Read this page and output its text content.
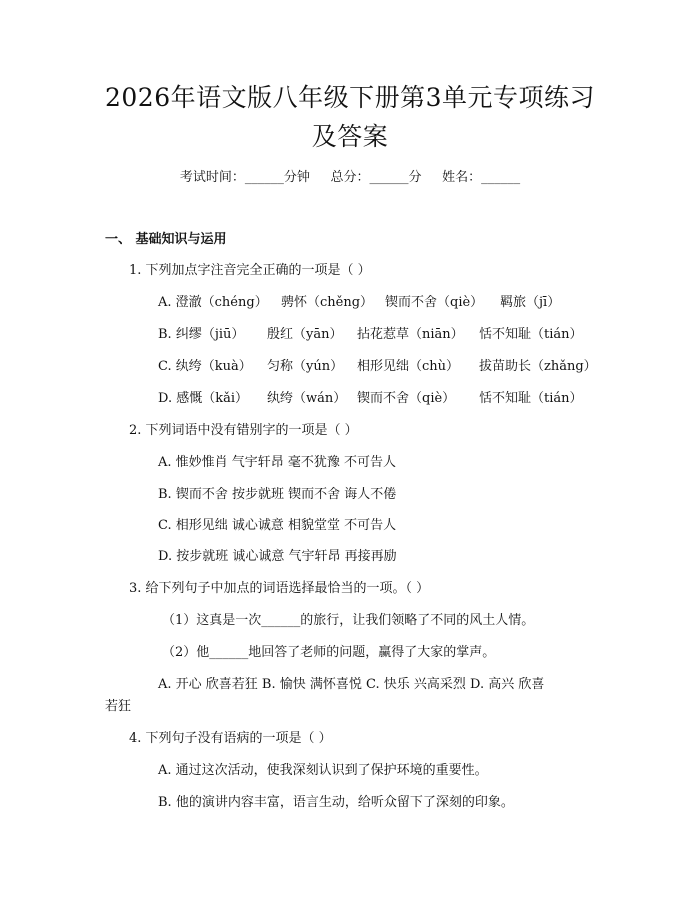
2026年语文版八年级下册第3单元专项练习
及答案
考试时间：______分钟     总分：______分     姓名：______
一、 基础知识与运用
1. 下列加点字注音完全正确的一项是（ ）
A. 澄澈（chéng） 骋怀（chěng） 锲而不舍（qiè） 羁旅（jī）
B. 纠缪（jiū） 殷红（yān） 拈花惹草（niān） 恬不知耻（tián）
C. 纨绔（kuà） 匀称（yún） 相形见绌（chù） 拔苗助长（zhǎng）
D. 感慨（kǎi） 纨绔（wán） 锲而不舍（qiè） 恬不知耻（tián）
2. 下列词语中没有错别字的一项是（ ）
A. 惟妙惟肖 气宇轩昂 毫不犹豫 不可告人
B. 锲而不舍 按步就班 锲而不舍 诲人不倦
C. 相形见绌 诚心诚意 相貌堂堂 不可告人
D. 按步就班 诚心诚意 气宇轩昂 再接再励
3. 给下列句子中加点的词语选择最恰当的一项。（ ）
（1）这真是一次______的旅行，让我们领略了不同的风土人情。
（2）他______地回答了老师的问题，赢得了大家的掌声。
A. 开心 欣喜若狂 B. 愉快 满怀喜悦 C. 快乐 兴高采烈 D. 高兴 欣喜
若狂
4. 下列句子没有语病的一项是（ ）
A. 通过这次活动，使我深刻认识到了保护环境的重要性。
B. 他的演讲内容丰富，语言生动，给听众留下了深刻的印象。
